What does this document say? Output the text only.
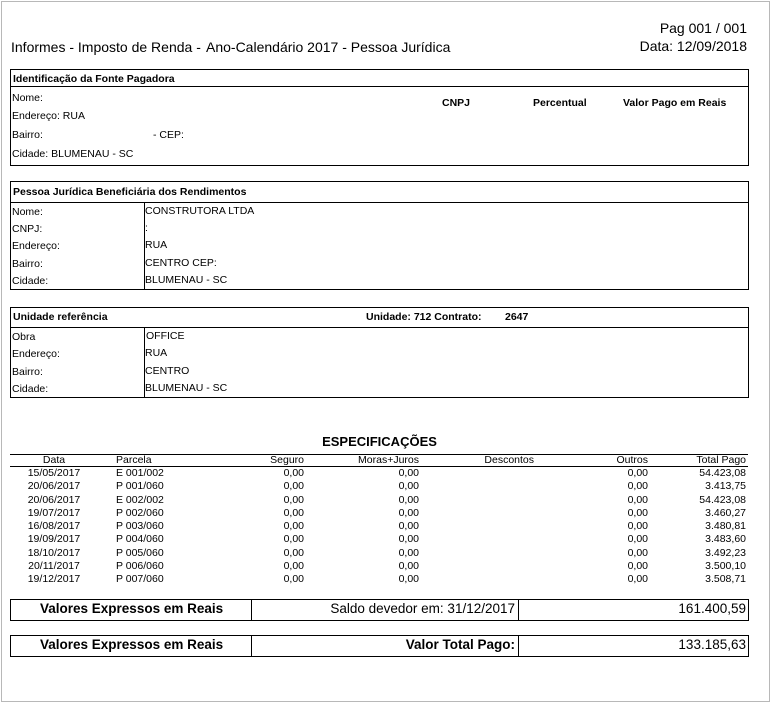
Informes - Imposto de Renda - Ano-Calendário 2017 - Pessoa Jurídica
Pag 001 / 001
Data: 12/09/2018
Identificação da Fonte Pagadora
Nome:
Endereço: RUA
Bairro:	- CEP:
Cidade: BLUMENAU - SC
CNPJ	Percentual	Valor Pago em Reais
Pessoa Jurídica Beneficiária dos Rendimentos
Nome:	CONSTRUTORA LTDA
CNPJ:	:
Endereço:	RUA
Bairro:	CENTRO CEP:
Cidade:	BLUMENAU - SC
Unidade referência	Unidade: 712 Contrato: 2647
Obra	OFFICE
Endereço:	RUA
Bairro:	CENTRO
Cidade:	BLUMENAU - SC
ESPECIFICAÇÕES
Data	Parcela	Seguro	Moras+Juros	Descontos	Outros	Total Pago
15/05/2017	E 001/002	0,00	0,00		0,00	54.423,08
20/06/2017	P 001/060	0,00	0,00		0,00	3.413,75
20/06/2017	E 002/002	0,00	0,00		0,00	54.423,08
19/07/2017	P 002/060	0,00	0,00		0,00	3.460,27
16/08/2017	P 003/060	0,00	0,00		0,00	3.480,81
19/09/2017	P 004/060	0,00	0,00		0,00	3.483,60
18/10/2017	P 005/060	0,00	0,00		0,00	3.492,23
20/11/2017	P 006/060	0,00	0,00		0,00	3.500,10
19/12/2017	P 007/060	0,00	0,00		0,00	3.508,71
Valores Expressos em Reais	Saldo devedor em: 31/12/2017	161.400,59
Valores Expressos em Reais	Valor Total Pago:	133.185,63
